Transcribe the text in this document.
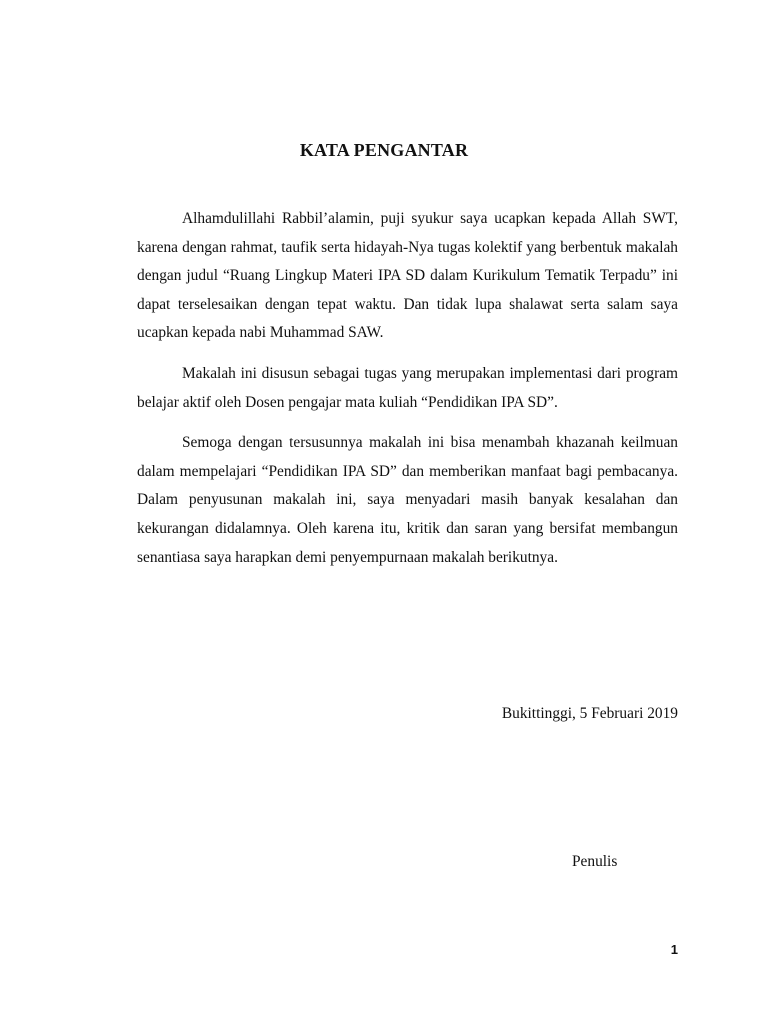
KATA PENGANTAR

Alhamdulillahi Rabbil’alamin, puji syukur saya ucapkan kepada Allah SWT, karena dengan rahmat, taufik serta hidayah-Nya tugas kolektif yang berbentuk makalah dengan judul “Ruang Lingkup Materi IPA SD dalam Kurikulum Tematik Terpadu” ini dapat terselesaikan dengan tepat waktu. Dan tidak lupa shalawat serta salam saya ucapkan kepada nabi Muhammad SAW.

Makalah ini disusun sebagai tugas yang merupakan implementasi dari program belajar aktif oleh Dosen pengajar mata kuliah “Pendidikan IPA SD”.

Semoga dengan tersusunnya makalah ini bisa menambah khazanah keilmuan dalam mempelajari “Pendidikan IPA SD” dan memberikan manfaat bagi pembacanya. Dalam penyusunan makalah ini, saya menyadari masih banyak kesalahan dan kekurangan didalamnya. Oleh karena itu, kritik dan saran yang bersifat membangun senantiasa saya harapkan demi penyempurnaan makalah berikutnya.

Bukittinggi, 5 Februari 2019
Penulis
1
